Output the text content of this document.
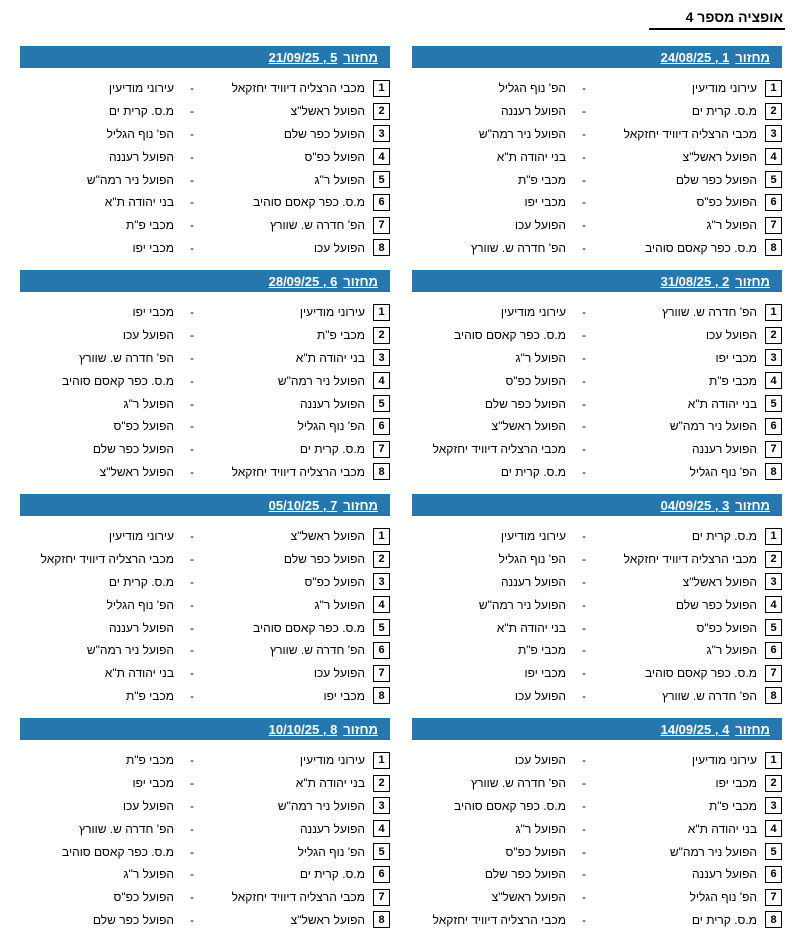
אופציה מספר 4
מחזור
24/08/25 , 1
1
עירוני מודיעין
-
הפ' נוף הגליל
2
מ.ס. קרית ים
-
הפועל רעננה
3
מכבי הרצליה דיוויד יחזקאל
-
הפועל ניר רמה"ש
4
הפועל ראשל"צ
-
בני יהודה ת"א
5
הפועל כפר שלם
-
מכבי פ"ת
6
הפועל כפ"ס
-
מכבי יפו
7
הפועל ר"ג
-
הפועל עכו
8
מ.ס. כפר קאסם סוהיב
-
הפ' חדרה ש. שוורץ
מחזור
21/09/25 , 5
1
מכבי הרצליה דיוויד יחזקאל
-
עירוני מודיעין
2
הפועל ראשל"צ
-
מ.ס. קרית ים
3
הפועל כפר שלם
-
הפ' נוף הגליל
4
הפועל כפ"ס
-
הפועל רעננה
5
הפועל ר"ג
-
הפועל ניר רמה"ש
6
מ.ס. כפר קאסם סוהיב
-
בני יהודה ת"א
7
הפ' חדרה ש. שוורץ
-
מכבי פ"ת
8
הפועל עכו
-
מכבי יפו
מחזור
31/08/25 , 2
1
הפ' חדרה ש. שוורץ
-
עירוני מודיעין
2
הפועל עכו
-
מ.ס. כפר קאסם סוהיב
3
מכבי יפו
-
הפועל ר"ג
4
מכבי פ"ת
-
הפועל כפ"ס
5
בני יהודה ת"א
-
הפועל כפר שלם
6
הפועל ניר רמה"ש
-
הפועל ראשל"צ
7
הפועל רעננה
-
מכבי הרצליה דיוויד יחזקאל
8
הפ' נוף הגליל
-
מ.ס. קרית ים
מחזור
28/09/25 , 6
1
עירוני מודיעין
-
מכבי יפו
2
מכבי פ"ת
-
הפועל עכו
3
בני יהודה ת"א
-
הפ' חדרה ש. שוורץ
4
הפועל ניר רמה"ש
-
מ.ס. כפר קאסם סוהיב
5
הפועל רעננה
-
הפועל ר"ג
6
הפ' נוף הגליל
-
הפועל כפ"ס
7
מ.ס. קרית ים
-
הפועל כפר שלם
8
מכבי הרצליה דיוויד יחזקאל
-
הפועל ראשל"צ
מחזור
04/09/25 , 3
1
מ.ס. קרית ים
-
עירוני מודיעין
2
מכבי הרצליה דיוויד יחזקאל
-
הפ' נוף הגליל
3
הפועל ראשל"צ
-
הפועל רעננה
4
הפועל כפר שלם
-
הפועל ניר רמה"ש
5
הפועל כפ"ס
-
בני יהודה ת"א
6
הפועל ר"ג
-
מכבי פ"ת
7
מ.ס. כפר קאסם סוהיב
-
מכבי יפו
8
הפ' חדרה ש. שוורץ
-
הפועל עכו
מחזור
05/10/25 , 7
1
הפועל ראשל"צ
-
עירוני מודיעין
2
הפועל כפר שלם
-
מכבי הרצליה דיוויד יחזקאל
3
הפועל כפ"ס
-
מ.ס. קרית ים
4
הפועל ר"ג
-
הפ' נוף הגליל
5
מ.ס. כפר קאסם סוהיב
-
הפועל רעננה
6
הפ' חדרה ש. שוורץ
-
הפועל ניר רמה"ש
7
הפועל עכו
-
בני יהודה ת"א
8
מכבי יפו
-
מכבי פ"ת
מחזור
14/09/25 , 4
1
עירוני מודיעין
-
הפועל עכו
2
מכבי יפו
-
הפ' חדרה ש. שוורץ
3
מכבי פ"ת
-
מ.ס. כפר קאסם סוהיב
4
בני יהודה ת"א
-
הפועל ר"ג
5
הפועל ניר רמה"ש
-
הפועל כפ"ס
6
הפועל רעננה
-
הפועל כפר שלם
7
הפ' נוף הגליל
-
הפועל ראשל"צ
8
מ.ס. קרית ים
-
מכבי הרצליה דיוויד יחזקאל
מחזור
10/10/25 , 8
1
עירוני מודיעין
-
מכבי פ"ת
2
בני יהודה ת"א
-
מכבי יפו
3
הפועל ניר רמה"ש
-
הפועל עכו
4
הפועל רעננה
-
הפ' חדרה ש. שוורץ
5
הפ' נוף הגליל
-
מ.ס. כפר קאסם סוהיב
6
מ.ס. קרית ים
-
הפועל ר"ג
7
מכבי הרצליה דיוויד יחזקאל
-
הפועל כפ"ס
8
הפועל ראשל"צ
-
הפועל כפר שלם
